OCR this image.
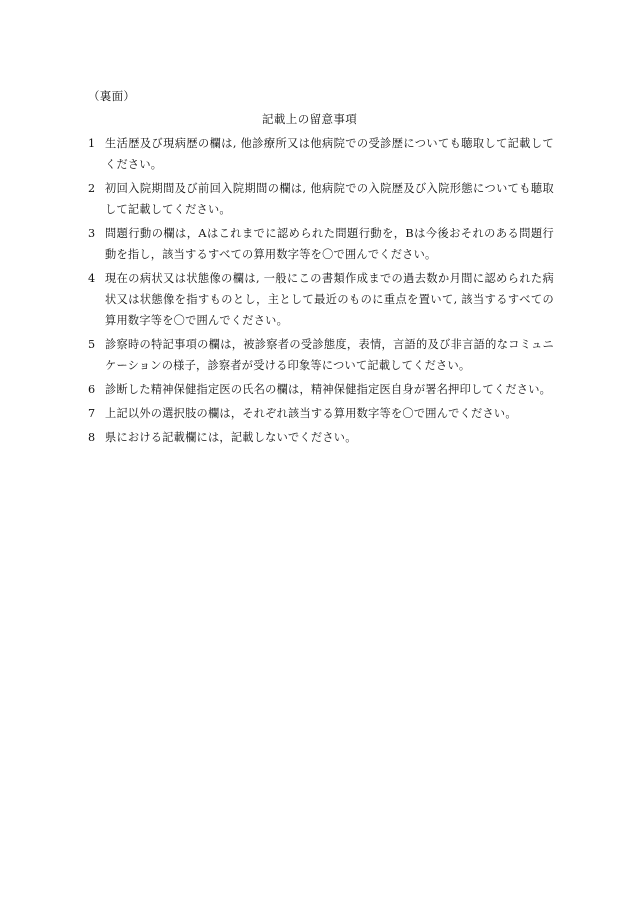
（裏面）
記載上の留意事項
1 生活歴及び現病歴の欄は, 他診療所又は他病院での受診歴についても聴取して記載してください。
2 初回入院期間及び前回入院期間の欄は, 他病院での入院歴及び入院形態についても聴取して記載してください。
3 問題行動の欄は，Aはこれまでに認められた問題行動を，Bは今後おそれのある問題行動を指し，該当するすべての算用数字等を〇で囲んでください。
4 現在の病状又は状態像の欄は, 一般にこの書類作成までの過去数か月間に認められた病状又は状態像を指すものとし，主として最近のものに重点を置いて, 該当するすべての算用数字等を〇で囲んでください。
5 診察時の特記事項の欄は，被診察者の受診態度，表情，言語的及び非言語的なコミュニケーションの様子，診察者が受ける印象等について記載してください。
6 診断した精神保健指定医の氏名の欄は，精神保健指定医自身が署名押印してください。
7 上記以外の選択肢の欄は，それぞれ該当する算用数字等を〇で囲んでください。
8 県における記載欄には，記載しないでください。
